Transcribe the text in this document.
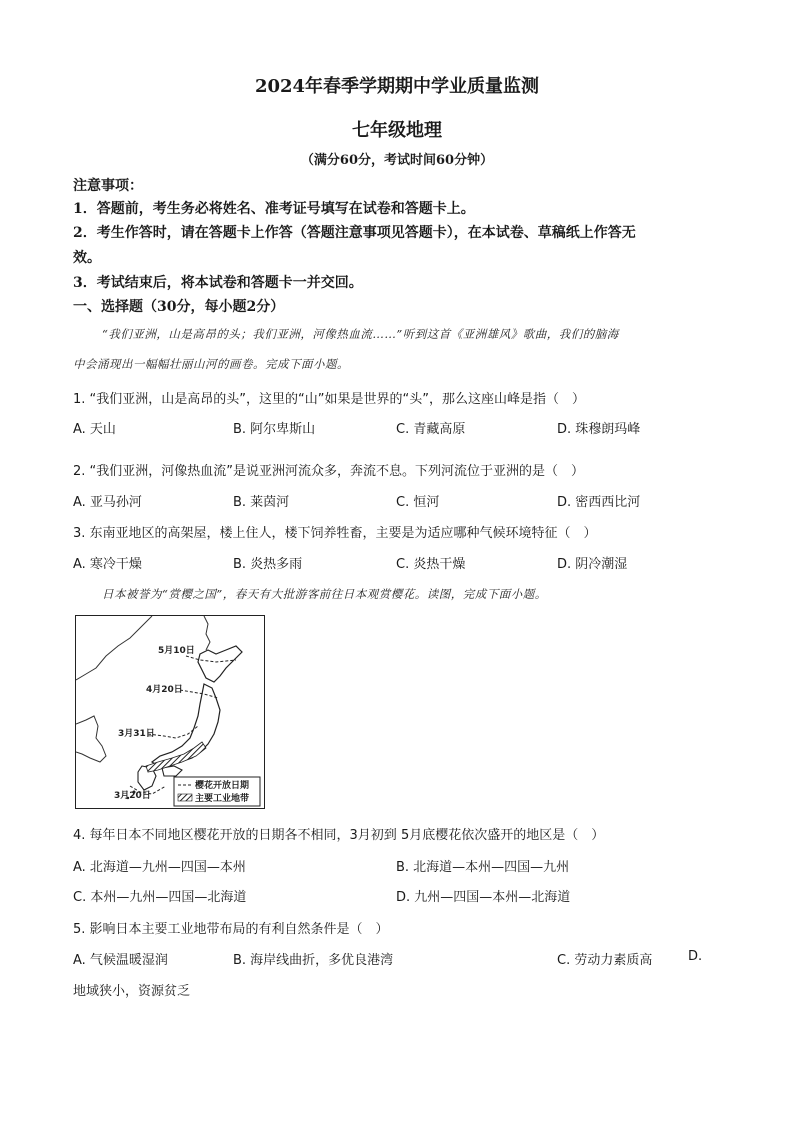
2024年春季学期期中学业质量监测
七年级地理
（满分60分，考试时间60分钟）
注意事项：
1．答题前，考生务必将姓名、准考证号填写在试卷和答题卡上。
2．考生作答时，请在答题卡上作答（答题注意事项见答题卡），在本试卷、草稿纸上作答无
效。
3．考试结束后，将本试卷和答题卡一并交回。
一、选择题（30分，每小题2分）
“我们亚洲，山是高昂的头；我们亚洲，河像热血流……”听到这首《亚洲雄风》歌曲，我们的脑海
中会涌现出一幅幅壮丽山河的画卷。完成下面小题。
1. “我们亚洲，山是高昂的头”，这里的“山”如果是世界的“头”，那么这座山峰是指（　）
A. 天山	B. 阿尔卑斯山	C. 青藏高原	D. 珠穆朗玛峰
2. “我们亚洲，河像热血流”是说亚洲河流众多，奔流不息。下列河流位于亚洲的是（　）
A. 亚马孙河	B. 莱茵河	C. 恒河	D. 密西西比河
3. 东南亚地区的高架屋，楼上住人，楼下饲养牲畜，主要是为适应哪种气候环境特征（　）
A. 寒冷干燥	B. 炎热多雨	C. 炎热干燥	D. 阴冷潮湿
日本被誉为“赏樱之国”，春天有大批游客前往日本观赏樱花。读图，完成下面小题。
5月10日
4月20日
3月31日
3月20日
樱花开放日期
主要工业地带
4. 每年日本不同地区樱花开放的日期各不相同，3月初到 5月底樱花依次盛开的地区是（　）
A. 北海道—九州—四国—本州	B. 北海道—本州—四国—九州
C. 本州—九州—四国—北海道	D. 九州—四国—本州—北海道
5. 影响日本主要工业地带布局的有利自然条件是（　）
A. 气候温暖湿润	B. 海岸线曲折，多优良港湾	C. 劳动力素质高	D.
地域狭小，资源贫乏
